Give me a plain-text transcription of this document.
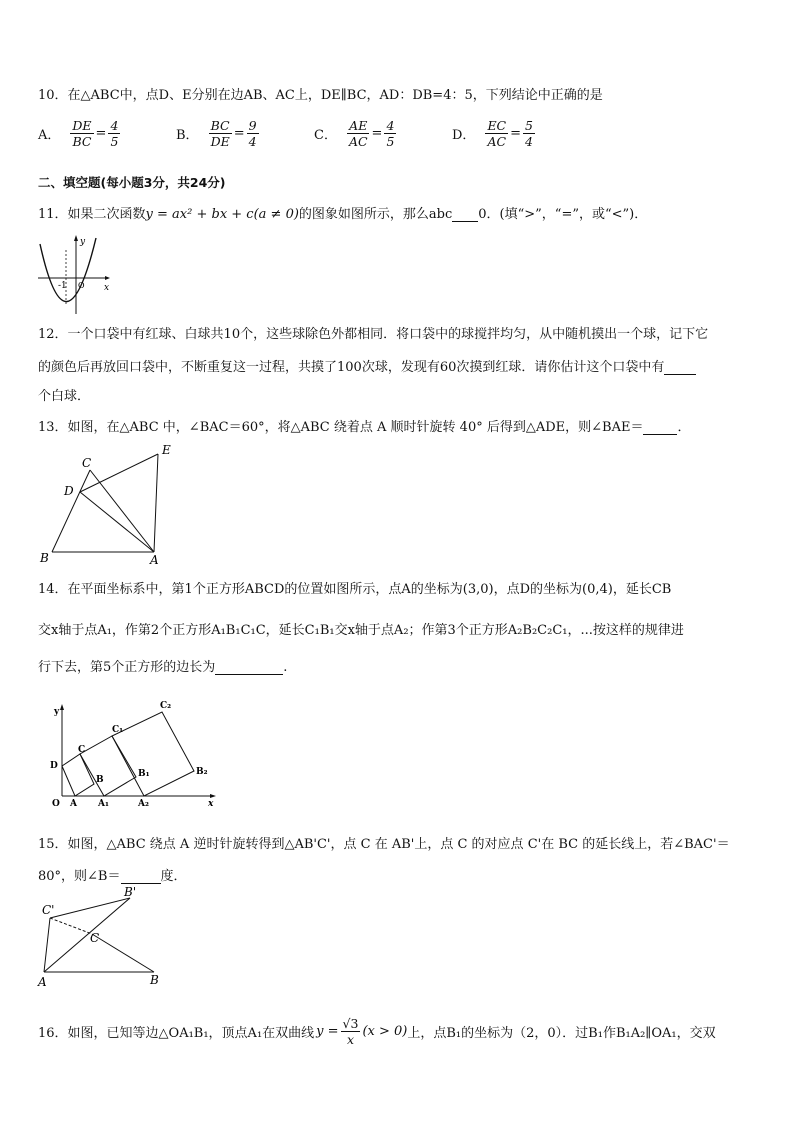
10．在△ABC中，点D、E分别在边AB、AC上，DE∥BC，AD：DB=4：5，下列结论中正确的是
A． $\frac{DE}{BC} = \frac{4}{5}$	B． $\frac{BC}{DE} = \frac{9}{4}$	C． $\frac{AE}{AC} = \frac{4}{5}$	D． $\frac{EC}{AC} = \frac{5}{4}$
二、填空题(每小题3分，共24分)
11．如果二次函数y = ax² + bx + c(a ≠ 0)的图象如图所示，那么abc 0．(填“>”，“=”，或“<”)．
y
x
-1 O
12．一个口袋中有红球、白球共10个，这些球除色外都相同．将口袋中的球搅拌均匀，从中随机摸出一个球，记下它
的颜色后再放回口袋中，不断重复这一过程，共摸了100次球，发现有60次摸到红球．请你估计这个口袋中有
个白球．
13．如图，在△ABC 中，∠BAC＝60°，将△ABC 绕着点 A 顺时针旋转 40° 后得到△ADE，则∠BAE＝	．
C
E
D
B	A
14．在平面坐标系中，第1个正方形ABCD的位置如图所示，点A的坐标为(3,0)，点D的坐标为(0,4)，延长CB
交x轴于点A₁，作第2个正方形A₁B₁C₁C，延长C₁B₁交x轴于点A₂；作第3个正方形A₂B₂C₂C₁，...按这样的规律进
行下去，第5个正方形的边长为	.
y
x
O A A₁	A₂
D
C
B
C₁
B₁
C₂
B₂
15．如图，△ABC 绕点 A 逆时针旋转得到△AB'C'，点 C 在 AB'上，点 C 的对应点 C'在 BC 的延长线上，若∠BAC'＝
80°，则∠B＝	度．
B'
C'
C
A	B
16．如图，已知等边△OA₁B₁，顶点A₁在双曲线 $y = \frac{√3}{x} (x > 0)$ 上，点B₁的坐标为（2，0）．过B₁作B₁A₂∥OA₁，交双
